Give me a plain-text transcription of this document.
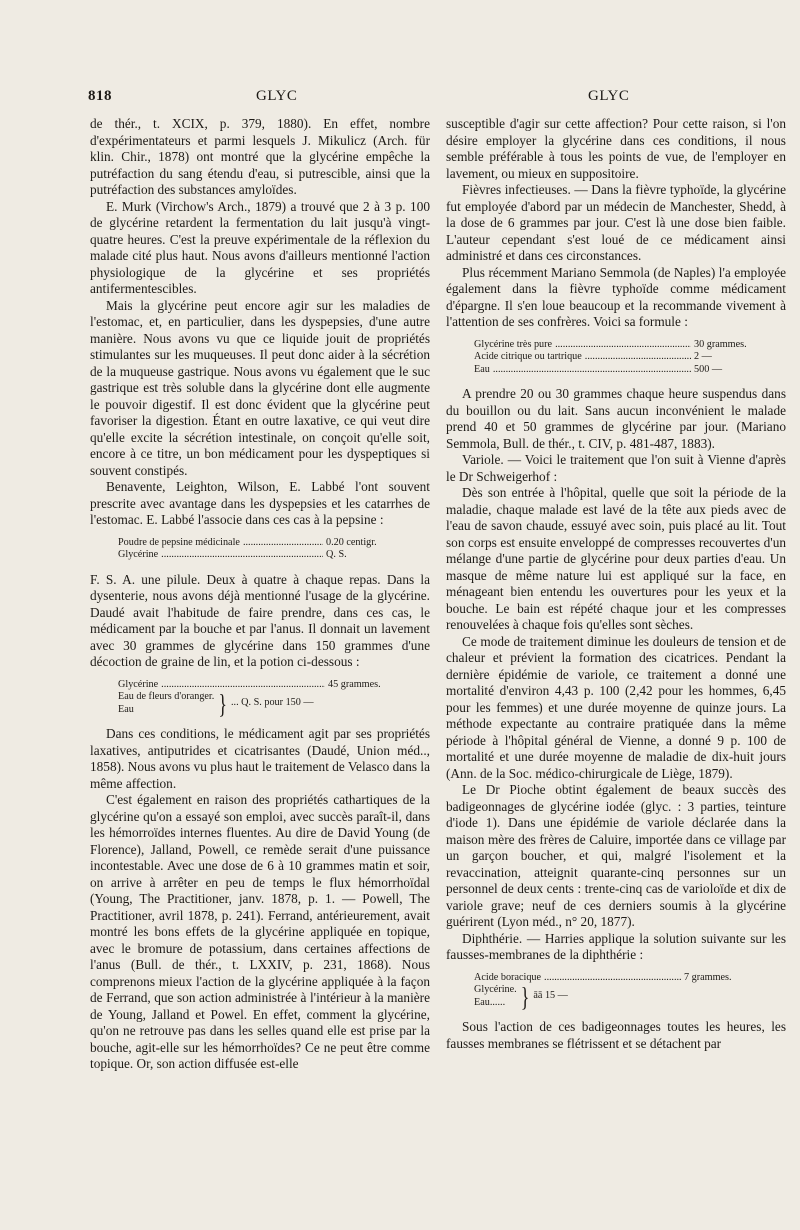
818	GLYC	GLYC

de thér., t. XCIX, p. 379, 1880). En effet, nombre d'expérimentateurs et parmi lesquels J. Mikulicz (Arch. für klin. Chir., 1878) ont montré que la glycérine empêche la putréfaction du sang étendu d'eau, si putrescible, ainsi que la putréfaction des substances amyloïdes.

E. Murk (Virchow's Arch., 1879) a trouvé que 2 à 3 p. 100 de glycérine retardent la fermentation du lait jusqu'à vingt-quatre heures. C'est la preuve expérimentale de la réflexion du malade cité plus haut. Nous avons d'ailleurs mentionné l'action physiologique de la glycérine et ses propriétés antifermentescibles.

Mais la glycérine peut encore agir sur les maladies de l'estomac, et, en particulier, dans les dyspepsies, d'une autre manière. Nous avons vu que ce liquide jouit de propriétés stimulantes sur les muqueuses. Il peut donc aider à la sécrétion de la muqueuse gastrique. Nous avons vu également que le suc gastrique est très soluble dans la glycérine dont elle augmente le pouvoir digestif. Il est donc évident que la glycérine peut favoriser la digestion. Étant en outre laxative, ce qui veut dire qu'elle excite la sécrétion intestinale, on conçoit qu'elle soit, encore à ce titre, un bon médicament pour les dyspeptiques si souvent constipés.

Benavente, Leighton, Wilson, E. Labbé l'ont souvent prescrite avec avantage dans les dyspepsies et les catarrhes de l'estomac. E. Labbé l'associe dans ces cas à la pepsine :

Poudre de pepsine médicinale .....	0.20 centigr.
Glycérine .....	Q. S.

F. S. A. une pilule. Deux à quatre à chaque repas. Dans la dysenterie, nous avons déjà mentionné l'usage de la glycérine. Daudé avait l'habitude de faire prendre, dans ces cas, le médicament par la bouche et par l'anus. Il donnait un lavement avec 30 grammes de glycérine dans 150 grammes d'une décoction de graine de lin, et la potion ci-dessous :

Glycérine .....	45 grammes.
Eau de fleurs d'oranger.
Eau	} ... Q. S. pour 150 —

Dans ces conditions, le médicament agit par ses propriétés laxatives, antiputrides et cicatrisantes (Daudé, Union méd.., 1858). Nous avons vu plus haut le traitement de Velasco dans la même affection.

C'est également en raison des propriétés cathartiques de la glycérine qu'on a essayé son emploi, avec succès paraît-il, dans les hémorroïdes internes fluentes. Au dire de David Young (de Florence), Jalland, Powell, ce remède serait d'une puissance incontestable. Avec une dose de 6 à 10 grammes matin et soir, on arrive à arrêter en peu de temps le flux hémorrhoïdal (Young, The Practitioner, janv. 1878, p. 1. — Powell, The Practitioner, avril 1878, p. 241). Ferrand, antérieurement, avait montré les bons effets de la glycérine appliquée en topique, avec le bromure de potassium, dans certaines affections de l'anus (Bull. de thér., t. LXXIV, p. 231, 1868). Nous comprenons mieux l'action de la glycérine appliquée à la façon de Ferrand, que son action administrée à l'intérieur à la manière de Young, Jalland et Powel. En effet, comment la glycérine, qu'on ne retrouve pas dans les selles quand elle est prise par la bouche, agit-elle sur les hémorrhoïdes? Ce ne peut être comme topique. Or, son action diffusée est-elle

susceptible d'agir sur cette affection? Pour cette raison, si l'on désire employer la glycérine dans ces conditions, il nous semble préférable à tous les points de vue, de l'employer en lavement, ou mieux en suppositoire.

Fièvres infectieuses. — Dans la fièvre typhoïde, la glycérine fut employée d'abord par un médecin de Manchester, Shedd, à la dose de 6 grammes par jour. C'est là une dose bien faible. L'auteur cependant s'est loué de ce médicament ainsi administré et dans ces circonstances.

Plus récemment Mariano Semmola (de Naples) l'a employée également dans la fièvre typhoïde comme médicament d'épargne. Il s'en loue beaucoup et la recommande vivement à l'attention de ses confrères. Voici sa formule :

Glycérine très pure .....	30 grammes.
Acide citrique ou tartrique .....	2 —
Eau .....	500 —

A prendre 20 ou 30 grammes chaque heure suspendus dans du bouillon ou du lait. Sans aucun inconvénient le malade prend 40 et 50 grammes de glycérine par jour. (Mariano Semmola, Bull. de thér., t. CIV, p. 481-487, 1883).

Variole. — Voici le traitement que l'on suit à Vienne d'après le Dr Schweigerhof :

Dès son entrée à l'hôpital, quelle que soit la période de la maladie, chaque malade est lavé de la tête aux pieds avec de l'eau de savon chaude, essuyé avec soin, puis placé au lit. Tout son corps est ensuite enveloppé de compresses recouvertes d'un mélange d'une partie de glycérine pour deux parties d'eau. Un masque de même nature lui est appliqué sur la face, en ménageant bien entendu les ouvertures pour les yeux et la bouche. Le bain est répété chaque jour et les compresses renouvelées à chaque fois qu'elles sont sèches.

Ce mode de traitement diminue les douleurs de tension et de chaleur et prévient la formation des cicatrices. Pendant la dernière épidémie de variole, ce traitement a donné une mortalité d'environ 4,43 p. 100 (2,42 pour les hommes, 6,45 pour les femmes) et une durée moyenne de quinze jours. La méthode expectante au contraire pratiquée dans la même période à l'hôpital général de Vienne, a donné 9 p. 100 de mortalité et une durée moyenne de maladie de dix-huit jours (Ann. de la Soc. médico-chirurgicale de Liège, 1879).

Le Dr Pioche obtint également de beaux succès des badigeonnages de glycérine iodée (glyc. : 3 parties, teinture d'iode 1). Dans une épidémie de variole déclarée dans la maison mère des frères de Caluire, importée dans ce village par un garçon boucher, et qui, malgré l'isolement et la revaccination, atteignit quarante-cinq personnes sur un personnel de deux cents : trente-cinq cas de varioloïde et dix de variole grave; neuf de ces derniers soumis à la glycérine guérirent (Lyon méd., n° 20, 1877).

Diphthérie. — Harries applique la solution suivante sur les fausses-membranes de la diphthérie :

Acide boracique .....	7 grammes.
Glycérine.
Eau...... } āā 15 —

Sous l'action de ces badigeonnages toutes les heures, les fausses membranes se flétrissent et se détachent par
